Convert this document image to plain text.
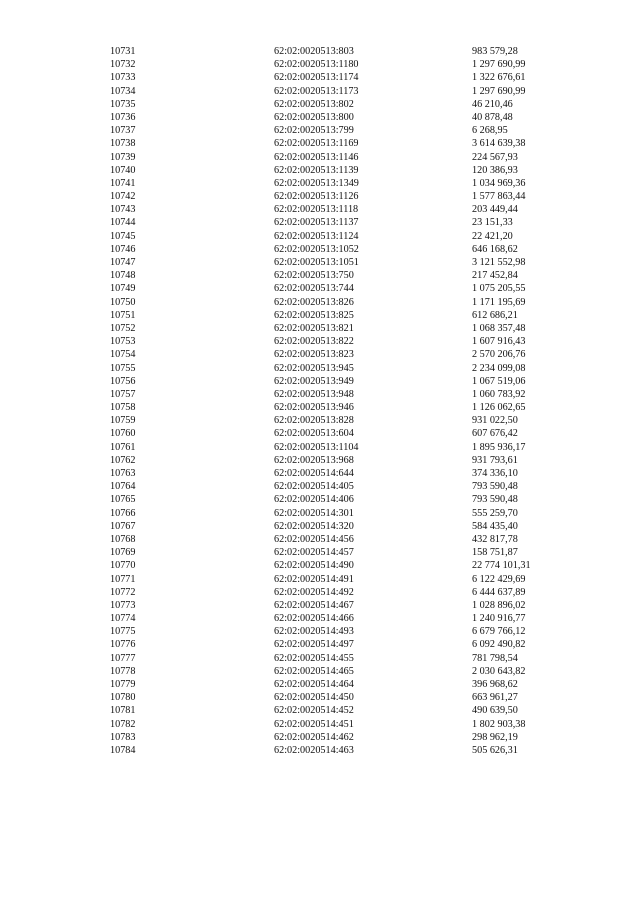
10731	62:02:0020513:803	983 579,28
10732	62:02:0020513:1180	1 297 690,99
10733	62:02:0020513:1174	1 322 676,61
10734	62:02:0020513:1173	1 297 690,99
10735	62:02:0020513:802	46 210,46
10736	62:02:0020513:800	40 878,48
10737	62:02:0020513:799	6 268,95
10738	62:02:0020513:1169	3 614 639,38
10739	62:02:0020513:1146	224 567,93
10740	62:02:0020513:1139	120 386,93
10741	62:02:0020513:1349	1 034 969,36
10742	62:02:0020513:1126	1 577 863,44
10743	62:02:0020513:1118	203 449,44
10744	62:02:0020513:1137	23 151,33
10745	62:02:0020513:1124	22 421,20
10746	62:02:0020513:1052	646 168,62
10747	62:02:0020513:1051	3 121 552,98
10748	62:02:0020513:750	217 452,84
10749	62:02:0020513:744	1 075 205,55
10750	62:02:0020513:826	1 171 195,69
10751	62:02:0020513:825	612 686,21
10752	62:02:0020513:821	1 068 357,48
10753	62:02:0020513:822	1 607 916,43
10754	62:02:0020513:823	2 570 206,76
10755	62:02:0020513:945	2 234 099,08
10756	62:02:0020513:949	1 067 519,06
10757	62:02:0020513:948	1 060 783,92
10758	62:02:0020513:946	1 126 062,65
10759	62:02:0020513:828	931 022,50
10760	62:02:0020513:604	607 676,42
10761	62:02:0020513:1104	1 895 936,17
10762	62:02:0020513:968	931 793,61
10763	62:02:0020514:644	374 336,10
10764	62:02:0020514:405	793 590,48
10765	62:02:0020514:406	793 590,48
10766	62:02:0020514:301	555 259,70
10767	62:02:0020514:320	584 435,40
10768	62:02:0020514:456	432 817,78
10769	62:02:0020514:457	158 751,87
10770	62:02:0020514:490	22 774 101,31
10771	62:02:0020514:491	6 122 429,69
10772	62:02:0020514:492	6 444 637,89
10773	62:02:0020514:467	1 028 896,02
10774	62:02:0020514:466	1 240 916,77
10775	62:02:0020514:493	6 679 766,12
10776	62:02:0020514:497	6 092 490,82
10777	62:02:0020514:455	781 798,54
10778	62:02:0020514:465	2 030 643,82
10779	62:02:0020514:464	396 968,62
10780	62:02:0020514:450	663 961,27
10781	62:02:0020514:452	490 639,50
10782	62:02:0020514:451	1 802 903,38
10783	62:02:0020514:462	298 962,19
10784	62:02:0020514:463	505 626,31
